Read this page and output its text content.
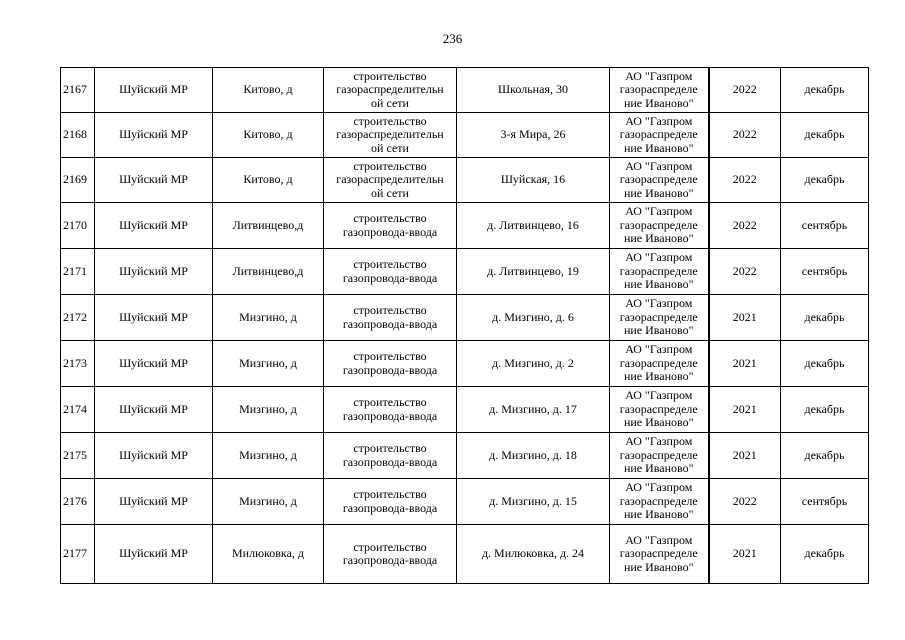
236
2167	Шуйский МР	Китово, д	строительство
газораспределительн
ой сети	Школьная, 30	АО "Газпром
газораспределе
ние Иваново"	2022	декабрь
2168	Шуйский МР	Китово, д	строительство
газораспределительн
ой сети	3-я Мира, 26	АО "Газпром
газораспределе
ние Иваново"	2022	декабрь
2169	Шуйский МР	Китово, д	строительство
газораспределительн
ой сети	Шуйская, 16	АО "Газпром
газораспределе
ние Иваново"	2022	декабрь
2170	Шуйский МР	Литвинцево,д	строительство
газопровода-ввода	д. Литвинцево, 16	АО "Газпром
газораспределе
ние Иваново"	2022	сентябрь
2171	Шуйский МР	Литвинцево,д	строительство
газопровода-ввода	д. Литвинцево, 19	АО "Газпром
газораспределе
ние Иваново"	2022	сентябрь
2172	Шуйский МР	Мизгино, д	строительство
газопровода-ввода	д. Мизгино, д. 6	АО "Газпром
газораспределе
ние Иваново"	2021	декабрь
2173	Шуйский МР	Мизгино, д	строительство
газопровода-ввода	д. Мизгино, д. 2	АО "Газпром
газораспределе
ние Иваново"	2021	декабрь
2174	Шуйский МР	Мизгино, д	строительство
газопровода-ввода	д. Мизгино, д. 17	АО "Газпром
газораспределе
ние Иваново"	2021	декабрь
2175	Шуйский МР	Мизгино, д	строительство
газопровода-ввода	д. Мизгино, д. 18	АО "Газпром
газораспределе
ние Иваново"	2021	декабрь
2176	Шуйский МР	Мизгино, д	строительство
газопровода-ввода	д. Мизгино, д. 15	АО "Газпром
газораспределе
ние Иваново"	2022	сентябрь
2177	Шуйский МР	Милюковка, д	строительство
газопровода-ввода	д. Милюковка, д. 24	АО "Газпром
газораспределе
ние Иваново"	2021	декабрь
